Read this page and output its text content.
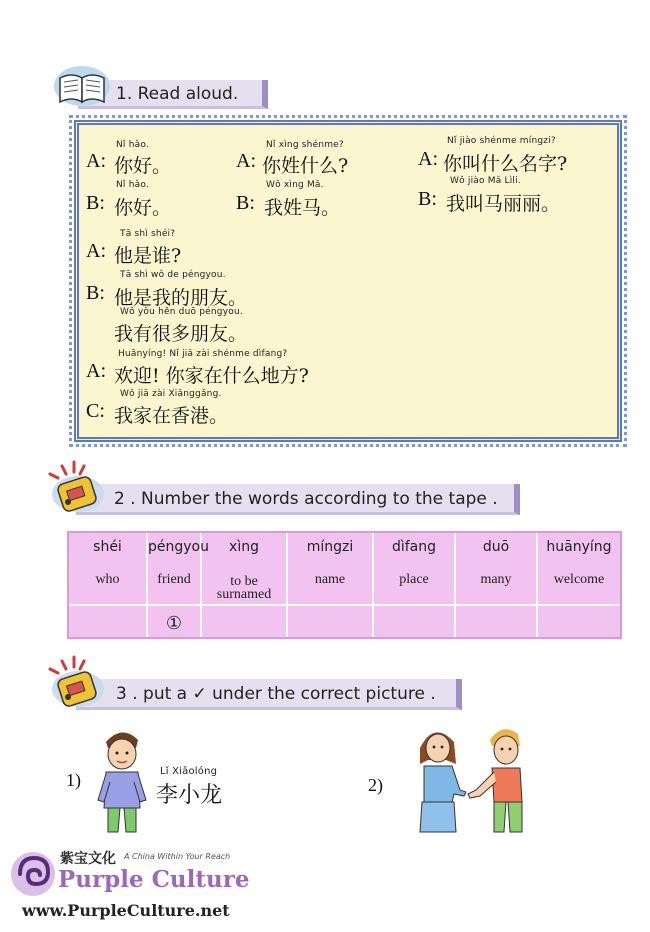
1. Read aloud.
Nǐ hǎo.
A: 你好。
Nǐ hǎo.
B: 你好。
Nǐ xìng shénme?
A: 你姓什么?
Wǒ xìng Mǎ.
B: 我姓马。
Nǐ jiào shénme míngzi?
A: 你叫什么名字?
Wǒ jiào Mǎ Lìli.
B: 我叫马丽丽。
Tā shì shéi?
A: 他是谁?
Tā shì wǒ de péngyou.
B: 他是我的朋友。
Wǒ yǒu hěn duō péngyou.
我有很多朋友。
Huānyíng! Nǐ jiā zài shénme dìfang?
A: 欢迎! 你家在什么地方?
Wǒ jiā zài Xiānggǎng.
C: 我家在香港。
2 . Number the words according to the tape .
shéi
who
péngyou
friend
①
xìng
to be surnamed
míngzi
name
dìfang
place
duō
many
huānyíng
welcome
3 . put a ✓ under the correct picture .
1)	Lǐ Xiǎolóng
李小龙	2)
紫宝文化 A China Within Your Reach
Purple Culture
www.PurpleCulture.net
